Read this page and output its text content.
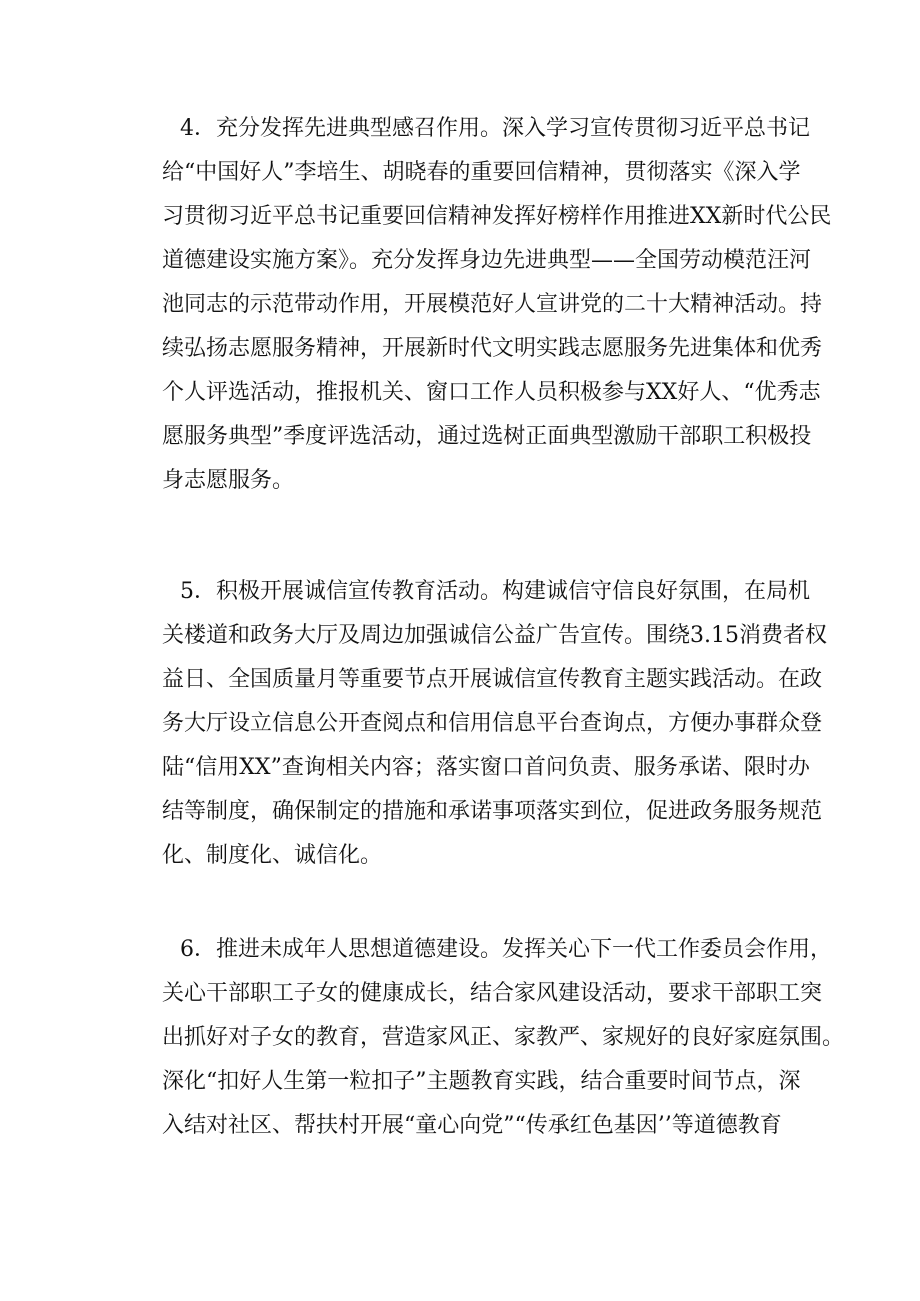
4．充分发挥先进典型感召作用。深入学习宣传贯彻习近平总书记
给“中国好人”李培生、胡晓春的重要回信精神，贯彻落实《深入学
习贯彻习近平总书记重要回信精神发挥好榜样作用推进XX新时代公民
道德建设实施方案》。充分发挥身边先进典型——全国劳动模范汪河
池同志的示范带动作用，开展模范好人宣讲党的二十大精神活动。持
续弘扬志愿服务精神，开展新时代文明实践志愿服务先进集体和优秀
个人评选活动，推报机关、窗口工作人员积极参与XX好人、“优秀志
愿服务典型”季度评选活动，通过选树正面典型激励干部职工积极投
身志愿服务。
5．积极开展诚信宣传教育活动。构建诚信守信良好氛围，在局机
关楼道和政务大厅及周边加强诚信公益广告宣传。围绕3.15消费者权
益日、全国质量月等重要节点开展诚信宣传教育主题实践活动。在政
务大厅设立信息公开查阅点和信用信息平台查询点，方便办事群众登
陆“信用XX”查询相关内容；落实窗口首问负责、服务承诺、限时办
结等制度，确保制定的措施和承诺事项落实到位，促进政务服务规范
化、制度化、诚信化。
6．推进未成年人思想道德建设。发挥关心下一代工作委员会作用，
关心干部职工子女的健康成长，结合家风建设活动，要求干部职工突
出抓好对子女的教育，营造家风正、家教严、家规好的良好家庭氛围。
深化“扣好人生第一粒扣子”主题教育实践，结合重要时间节点，深
入结对社区、帮扶村开展“童心向党”“传承红色基因’’等道德教育
